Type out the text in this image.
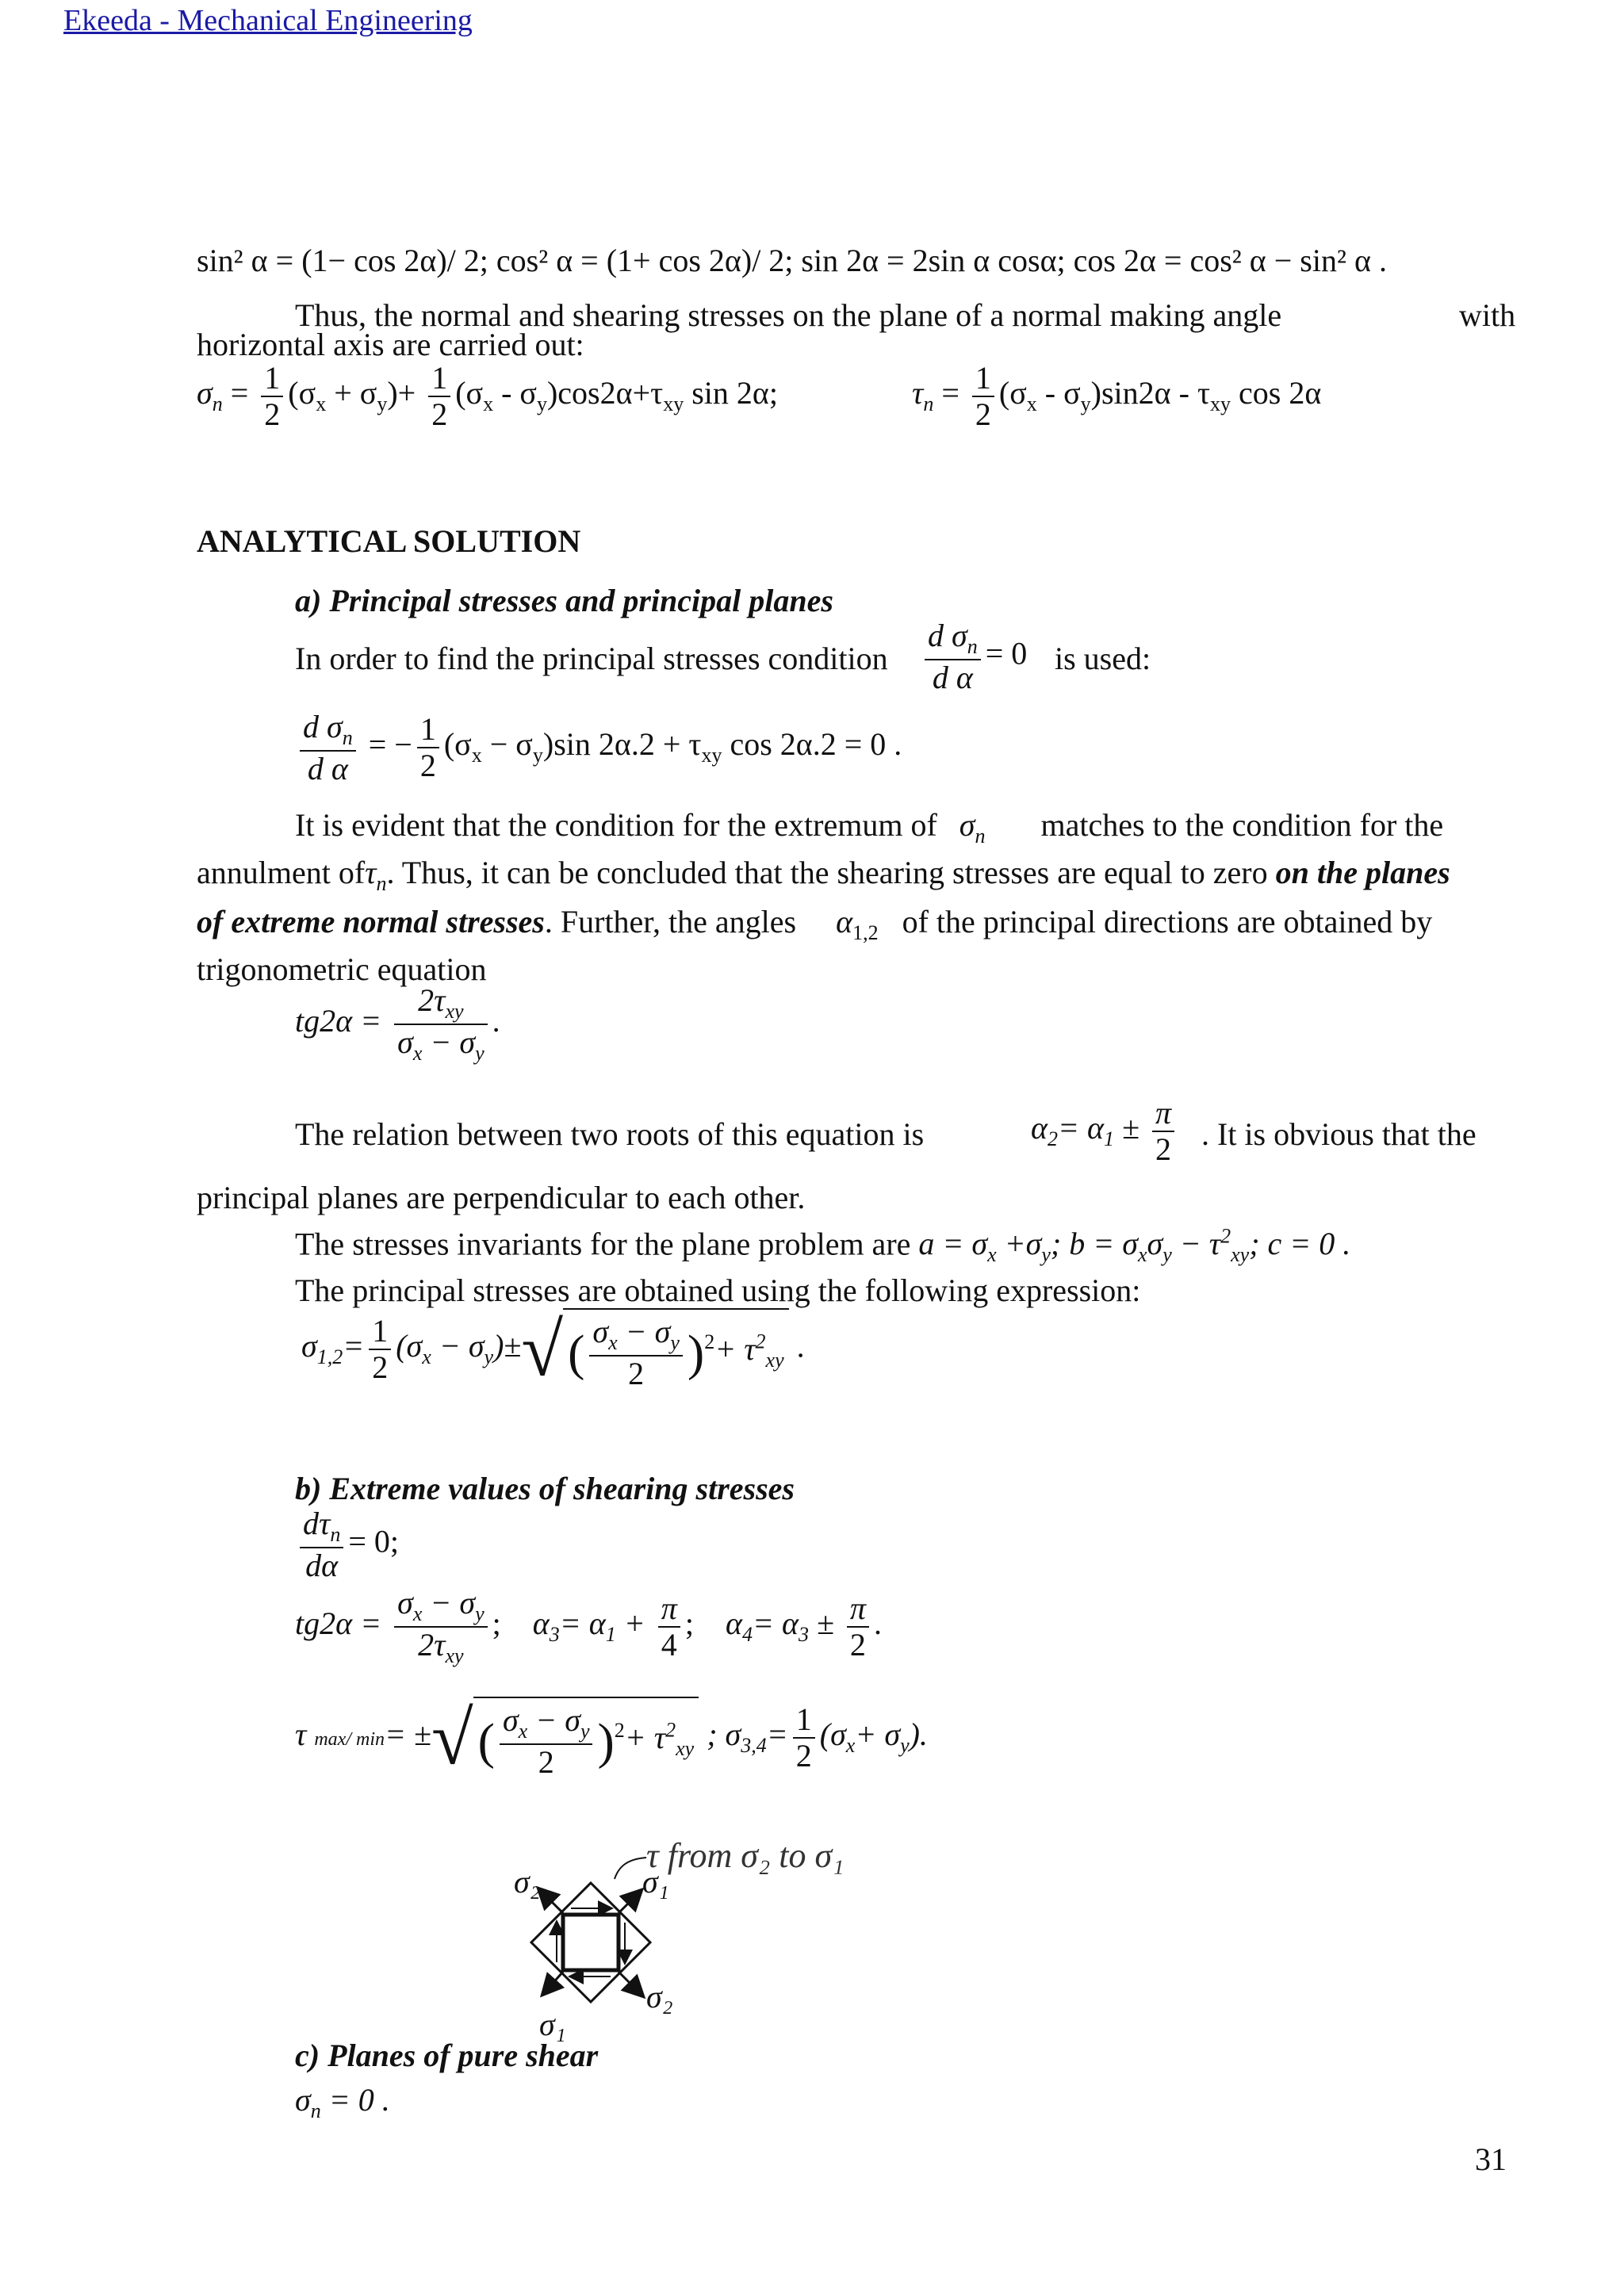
Ekeeda - Mechanical Engineering
sin² α = (1− cos 2α)/ 2; cos² α = (1+ cos 2α)/ 2; sin 2α = 2sin α cosα; cos 2α = cos² α − sin² α .
Thus, the normal and shearing stresses on the plane of a normal making angle	with
horizontal axis are carried out:
$\sigma_n = \frac{1}{2} (\sigma_x + \sigma_y)+ \frac{1}{2} (\sigma_x - \sigma_y)\cos 2\alpha+\tau_{xy}$ sin 2α;	$\tau_n = \frac{1}{2} (\sigma_x - \sigma_y)\sin 2\alpha - \tau_{xy}$ cos 2α
ANALYTICAL SOLUTION
a) Principal stresses and principal planes
In order to find the principal stresses condition $\frac{d \sigma_n}{\text{d α}} = 0$ is used:
$\frac{d \sigma_n}{\text{d α}}$ = − $\frac{1}{2} (\sigma_x - \sigma_y)\sin$ $2\alpha.2 + \tau_{xy}$ cos 2α.2 = 0 .
It is evident that the condition for the extremum of $\sigma_n$ matches to the condition for the
annulment ofτ$_n$. Thus, it can be concluded that the shearing stresses are equal to zero on the planes
of extreme normal stresses. Further, the angles $\alpha_{1,2}$ of the principal directions are obtained by
trigonometric equation
$tg2\alpha = \frac{2\tau_{xy}}{\sigma_x - \sigma_y}$ .
The relation between two roots of this equation is	$\alpha_2= \alpha_1 \pm \frac{\pi}{2}$ . It is obvious that the
principal planes are perpendicular to each other.
The stresses invariants for the plane problem are $a = \sigma_x +\sigma_y$; $b = \sigma_x\sigma_y - \tau^2_{xy}$; c = 0 .
The principal stresses are obtained using the following expression:
$\sigma_{1,2}= \frac{1}{2} (\sigma_x - \sigma_y)\pm√( \frac{\sigma_x - \sigma_y}{2} )^2+ \tau^2_{xy}$ .
b) Extreme values of shearing stresses
$\frac{d\tau_n}{d\alpha} = 0$;
$tg2\alpha = \frac{\sigma_x - \sigma_y}{2\tau_{xy}}$ ; $\alpha_3= \alpha_1 + \frac{\pi}{4}$ ; $\alpha_4= \alpha_3 \pm \frac{\pi}{2}$ .
τ max/ min= ±√( $\frac{\sigma_x - \sigma_y}{2} )^2+ \tau^2_{xy}$ ; $\sigma_{3,4}= \frac{1}{2} (\sigma_x+ \sigma_y)$.
τ from σ₂ to σ₁
σ₂	σ₁
σ₂
σ₁
c) Planes of pure shear
$\sigma_n = 0$ .
31
